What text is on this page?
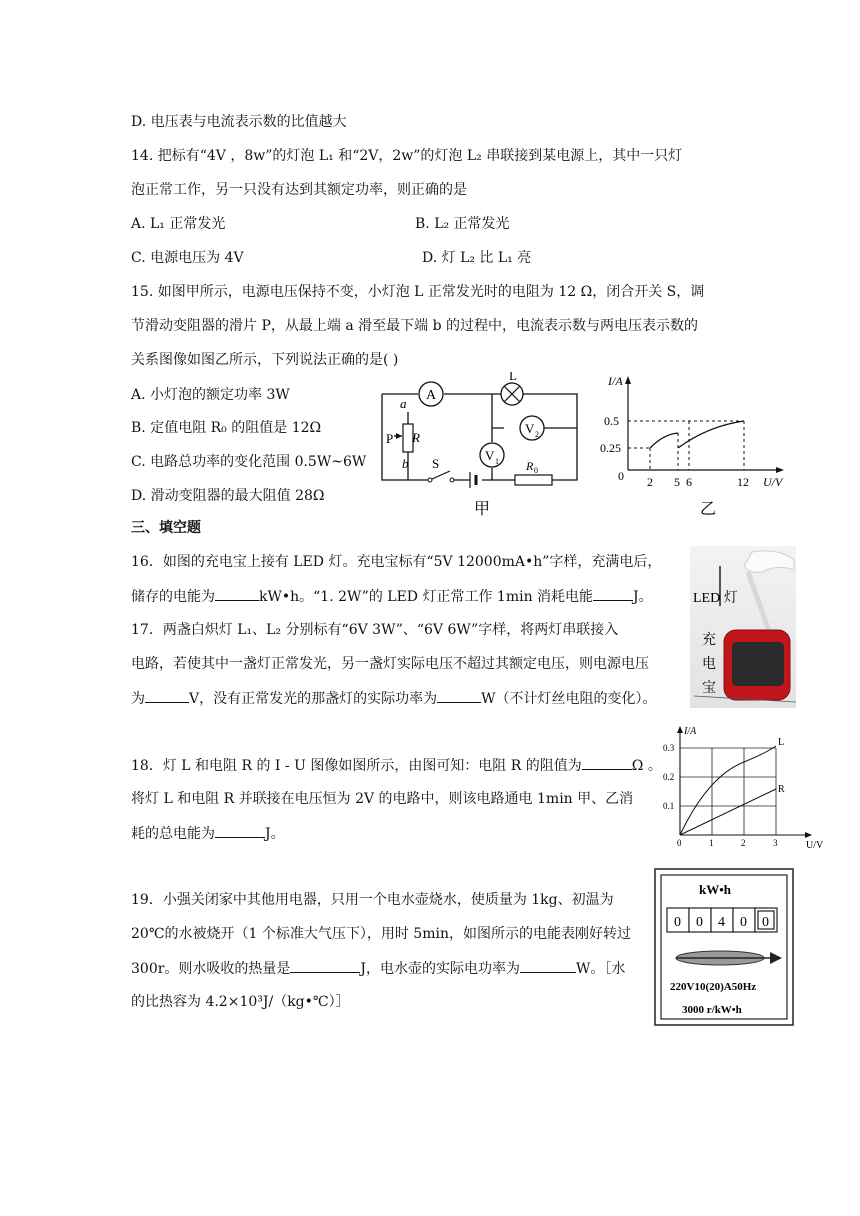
D. 电压表与电流表示数的比值越大
14. 把标有“4V ，8w”的灯泡 L₁ 和“2V，2w”的灯泡 L₂ 串联接到某电源上，其中一只灯
泡正常工作，另一只没有达到其额定功率，则正确的是
A. L₁ 正常发光	B. L₂ 正常发光
C. 电源电压为 4V	D. 灯 L₂ 比 L₁ 亮
15. 如图甲所示，电源电压保持不变，小灯泡 L 正常发光时的电阻为 12 Ω，闭合开关 S，调
节滑动变阻器的滑片 P，从最上端 a 滑至最下端 b 的过程中，电流表示数与两电压表示数的
关系图像如图乙所示，下列说法正确的是( )
A. 小灯泡的额定功率 3W
B. 定值电阻 R₀ 的阻值是 12Ω
C. 电路总功率的变化范围 0.5W~6W
D. 滑动变阻器的最大阻值 28Ω
三、填空题
16．如图的充电宝上接有 LED 灯。充电宝标有“5V 12000mA•h”字样，充满电后，
储存的电能为	kW•h。“1. 2W”的 LED 灯正常工作 1min 消耗电能	J。
17．两盏白炽灯 L₁、L₂ 分别标有“6V 3W”、“6V 6W”字样，将两灯串联接入
电路，若使其中一盏灯正常发光，另一盏灯实际电压不超过其额定电压，则电源电压
为	V，没有正常发光的那盏灯的实际功率为	W（不计灯丝电阻的变化）。
18．灯 L 和电阻 R 的 I - U 图像如图所示，由图可知：电阻 R 的阻值为	Ω 。
将灯 L 和电阻 R 并联接在电压恒为 2V 的电路中，则该电路通电 1min 甲、乙消
耗的总电能为	J。
19．小强关闭家中其他用电器，只用一个电水壶烧水，使质量为 1kg、初温为
20℃的水被烧开（1 个标准大气压下），用时 5min，如图所示的电能表刚好转过
300r。则水吸收的热量是	J，电水壶的实际电功率为	W。［水
的比热容为 4.2×10³J/（kg•℃）］
A
L
V 2
V 1 R 0
S
a
P R
b
甲
I/A
U/V
0.5
0.25
0 2 5 6	12
乙
LED 灯
充
电
宝
I/A
U/V
0.3
0.2
0.1
0	1	2	3
L
R
kW•h
0 0 4 0 0
220V10(20)A50Hz
3000 r/kW•h
